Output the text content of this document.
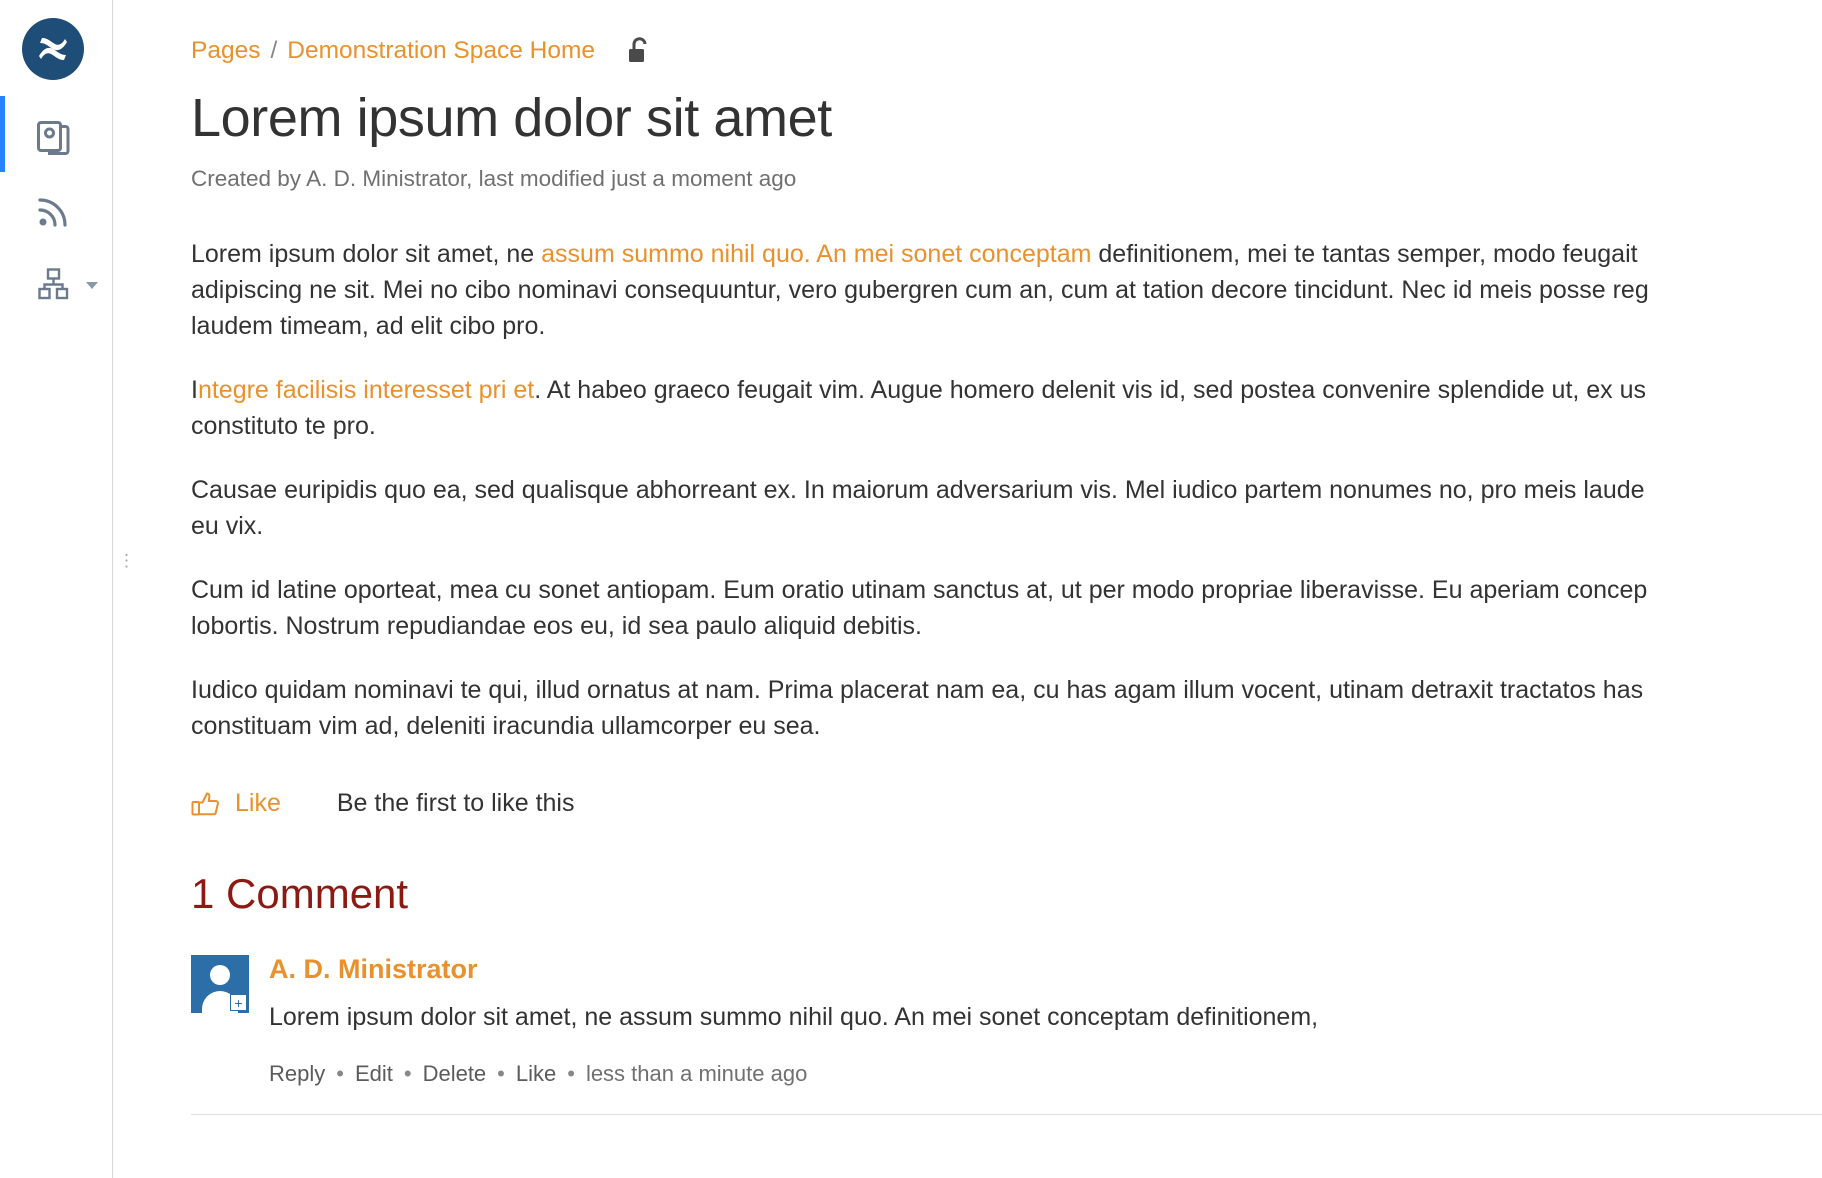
⋮
Pages / Demonstration Space Home
Lorem ipsum dolor sit amet
Created by A. D. Ministrator, last modified just a moment ago

Lorem ipsum dolor sit amet, ne assum summo nihil quo. An mei sonet conceptam definitionem, mei te tantas semper, modo feugait
adipiscing ne sit. Mei no cibo nominavi consequuntur, vero gubergren cum an, cum at tation decore tincidunt. Nec id meis posse reg
laudem timeam, ad elit cibo pro.

Integre facilisis interesset pri et. At habeo graeco feugait vim. Augue homero delenit vis id, sed postea convenire splendide ut, ex us
constituto te pro.

Causae euripidis quo ea, sed qualisque abhorreant ex. In maiorum adversarium vis. Mel iudico partem nonumes no, pro meis laude
eu vix.

Cum id latine oporteat, mea cu sonet antiopam. Eum oratio utinam sanctus at, ut per modo propriae liberavisse. Eu aperiam concep
lobortis. Nostrum repudiandae eos eu, id sea paulo aliquid debitis.

Iudico quidam nominavi te qui, illud ornatus at nam. Prima placerat nam ea, cu has agam illum vocent, utinam detraxit tractatos has
constituam vim ad, deleniti iracundia ullamcorper eu sea.

Like Be the first to like this
1 Comment
+
A. D. Ministrator
Lorem ipsum dolor sit amet, ne assum summo nihil quo. An mei sonet conceptam definitionem,
Reply • Edit • Delete • Like • less than a minute ago
